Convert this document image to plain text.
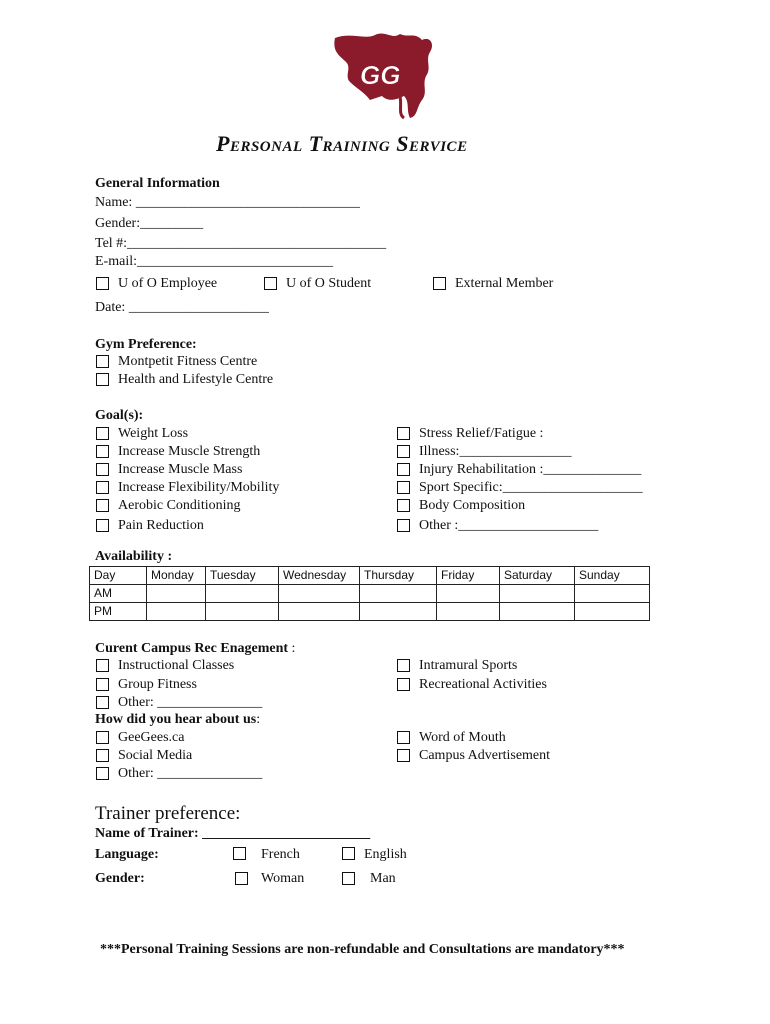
GG
Personal Training Service
General Information
Name: ________________________________
Gender:_________
Tel #:_____________________________________
E-mail:____________________________
U of O Employee	U of O Student	External Member
Date: ____________________
Gym Preference:
Montpetit Fitness Centre
Health and Lifestyle Centre
Goal(s):
Weight Loss
Increase Muscle Strength
Increase Muscle Mass
Increase Flexibility/Mobility
Aerobic Conditioning
Pain Reduction
Stress Relief/Fatigue :
Illness:________________
Injury Rehabilitation :______________
Sport Specific:____________________
Body Composition
Other :____________________
Availability :
Day	Monday	Tuesday	Wednesday	Thursday	Friday	Saturday	Sunday
AM							
PM							
Curent Campus Rec Enagement :
Instructional Classes
Group Fitness
Other: _______________
Intramural Sports
Recreational Activities
How did you hear about us:
GeeGees.ca
Social Media
Other: _______________
Word of Mouth
Campus Advertisement
Trainer preference:
Name of Trainer: ________________________
Language:	French	English
Gender:	Woman	Man
***Personal Training Sessions are non-refundable and Consultations are mandatory***
